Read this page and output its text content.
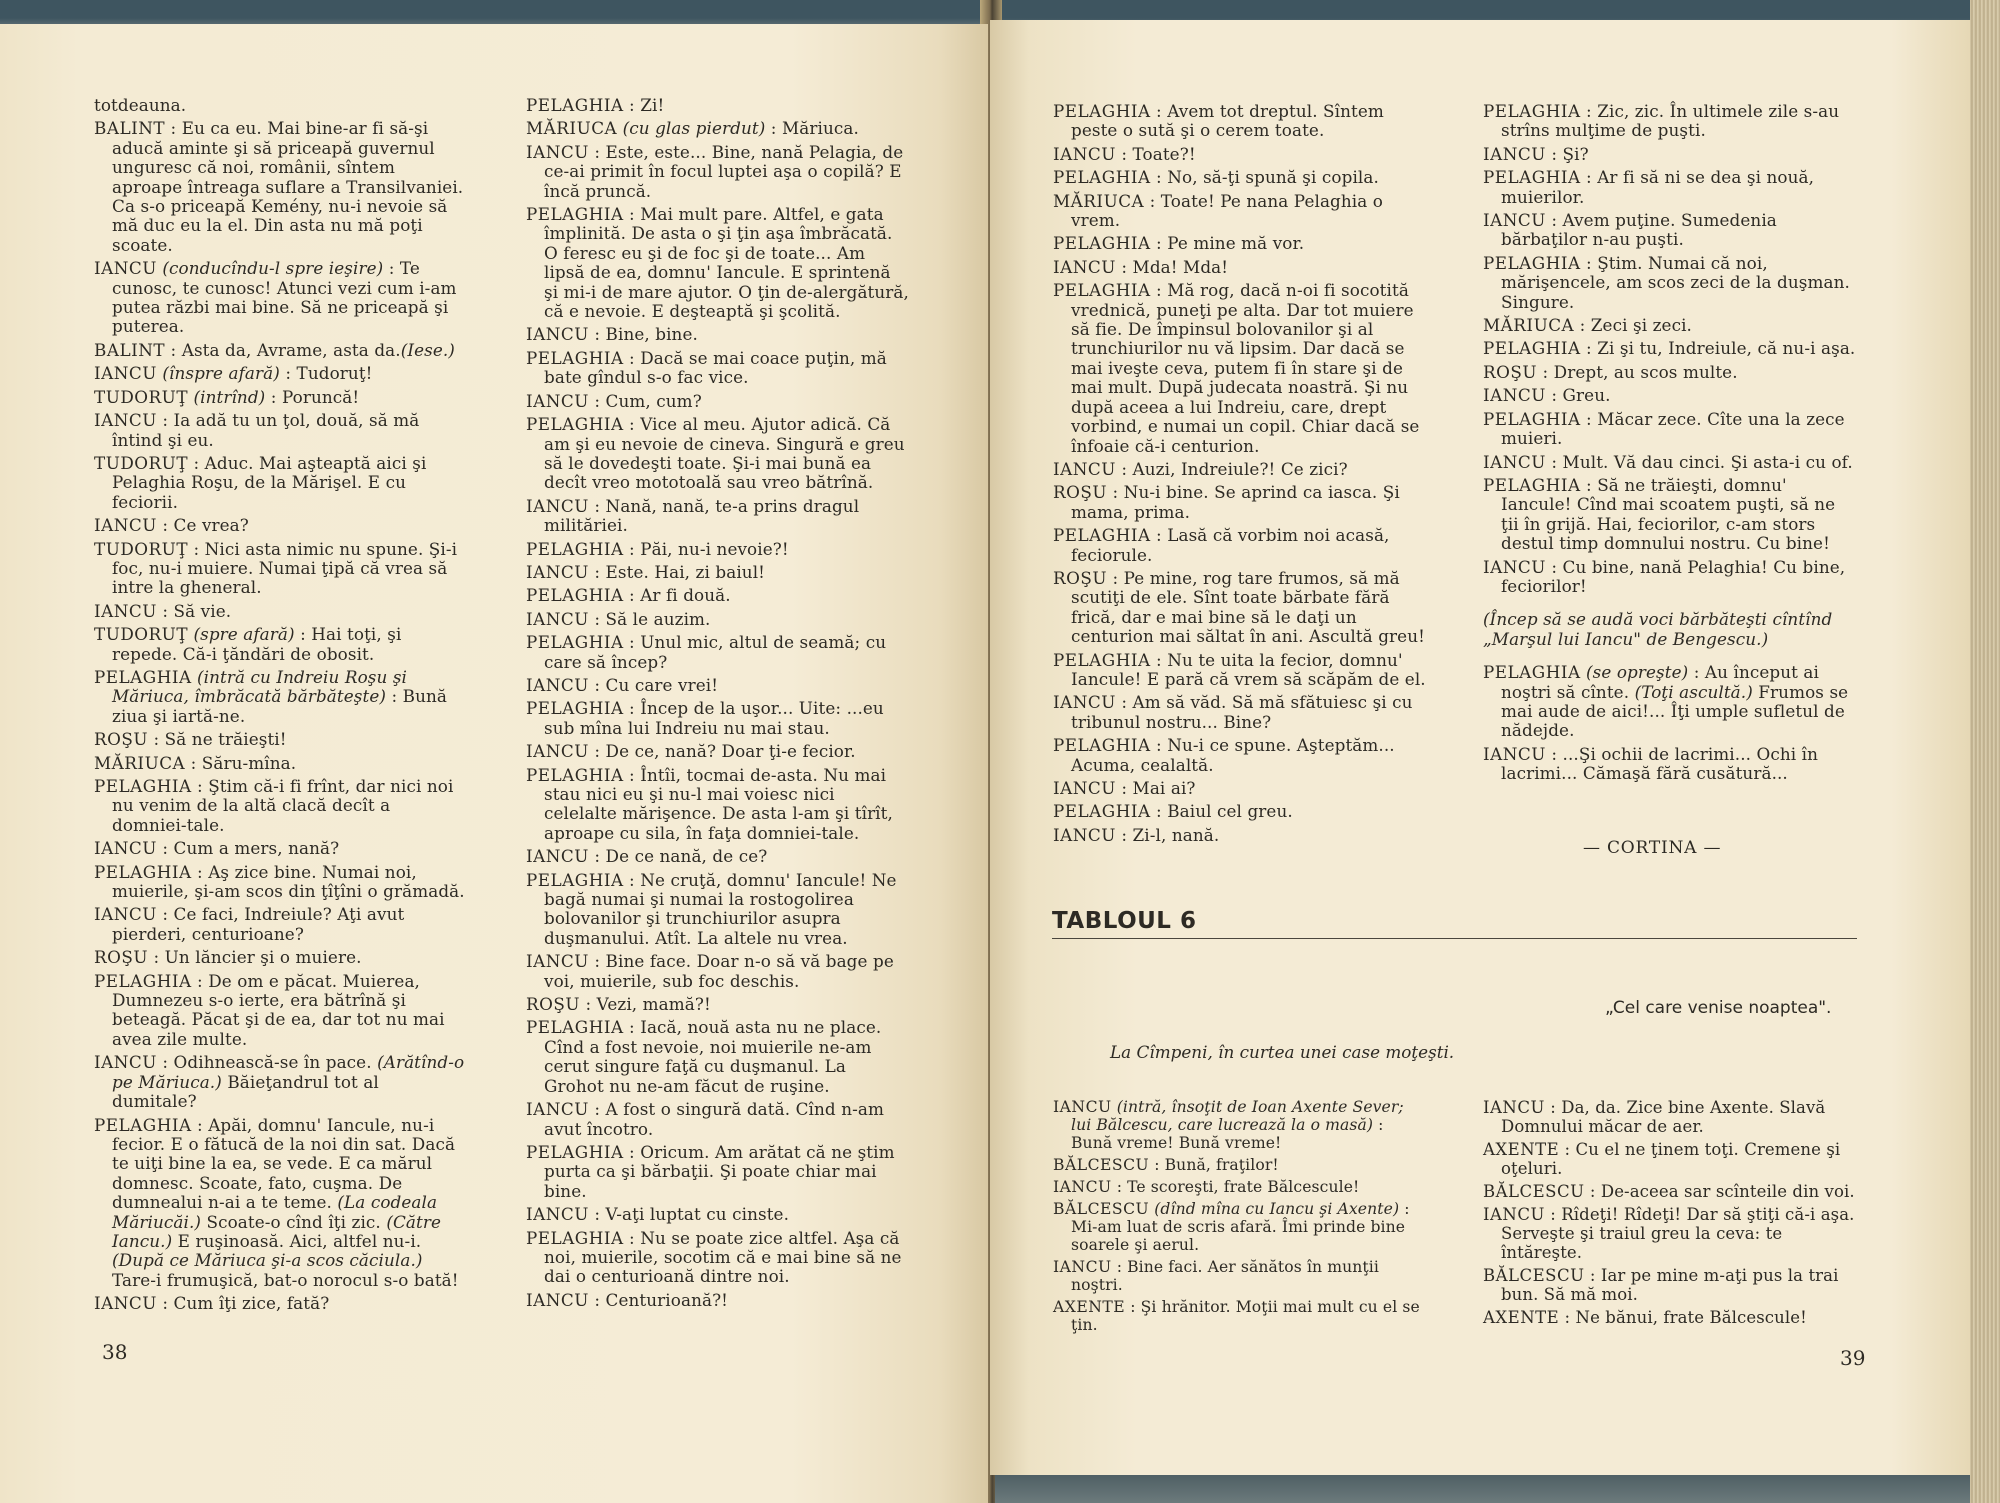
totdeauna.

BALINT : Eu ca eu. Mai bine-ar fi să-şi aducă aminte şi să priceapă guvernul unguresc că noi, românii, sîntem aproape întreaga suflare a Transilvaniei. Ca s-o priceapă Kemény, nu-i nevoie să mă duc eu la el. Din asta nu mă poţi scoate.

IANCU (conducîndu-l spre ieşire) : Te cunosc, te cunosc! Atunci vezi cum i-am putea răzbi mai bine. Să ne priceapă şi puterea.

BALINT : Asta da, Avrame, asta da.(Iese.)

IANCU (înspre afară) : Tudoruţ!

TUDORUŢ (intrînd) : Poruncă!

IANCU : Ia adă tu un ţol, două, să mă întind şi eu.

TUDORUŢ : Aduc. Mai aşteaptă aici şi Pelaghia Roşu, de la Mărişel. E cu feciorii.

IANCU : Ce vrea?

TUDORUŢ : Nici asta nimic nu spune. Şi-i foc, nu-i muiere. Numai ţipă că vrea să intre la gheneral.

IANCU : Să vie.

TUDORUŢ (spre afară) : Hai toţi, şi repede. Că-i ţăndări de obosit.

PELAGHIA (intră cu Indreiu Roşu şi Măriuca, îmbrăcată bărbăteşte) : Bună ziua şi iartă-ne.

ROŞU : Să ne trăieşti!

MĂRIUCA : Săru-mîna.

PELAGHIA : Ştim că-i fi frînt, dar nici noi nu venim de la altă clacă decît a domniei-tale.

IANCU : Cum a mers, nană?

PELAGHIA : Aş zice bine. Numai noi, muierile, şi-am scos din ţîţîni o grămadă.

IANCU : Ce faci, Indreiule? Aţi avut pierderi, centurioane?

ROŞU : Un lăncier şi o muiere.

PELAGHIA : De om e păcat. Muierea, Dumnezeu s-o ierte, era bătrînă şi beteagă. Păcat şi de ea, dar tot nu mai avea zile multe.

IANCU : Odihnească-se în pace. (Arătînd-o pe Măriuca.) Băieţandrul tot al dumitale?

PELAGHIA : Apăi, domnu' Iancule, nu-i fecior. E o fătucă de la noi din sat. Dacă te uiţi bine la ea, se vede. E ca mărul domnesc. Scoate, fato, cuşma. De dumnealui n-ai a te teme. (La codeala Măriucăi.) Scoate-o cînd îţi zic. (Către Iancu.) E ruşinoasă. Aici, altfel nu-i. (După ce Măriuca şi-a scos căciula.) Tare-i frumuşică, bat-o norocul s-o bată!

IANCU : Cum îţi zice, fată?

PELAGHIA : Zi!

MĂRIUCA (cu glas pierdut) : Măriuca.

IANCU : Este, este... Bine, nană Pelagia, de ce-ai primit în focul luptei aşa o copilă? E încă pruncă.

PELAGHIA : Mai mult pare. Altfel, e gata împlinită. De asta o şi ţin aşa îmbrăcată. O feresc eu şi de foc şi de toate... Am lipsă de ea, domnu' Iancule. E sprintenă şi mi-i de mare ajutor. O ţin de-alergătură, că e nevoie. E deşteaptă şi şcolită.

IANCU : Bine, bine.

PELAGHIA : Dacă se mai coace puţin, mă bate gîndul s-o fac vice.

IANCU : Cum, cum?

PELAGHIA : Vice al meu. Ajutor adică. Că am şi eu nevoie de cineva. Singură e greu să le dovedeşti toate. Şi-i mai bună ea decît vreo mototoală sau vreo bătrînă.

IANCU : Nană, nană, te-a prins dragul milităriei.

PELAGHIA : Păi, nu-i nevoie?!

IANCU : Este. Hai, zi baiul!

PELAGHIA : Ar fi două.

IANCU : Să le auzim.

PELAGHIA : Unul mic, altul de seamă; cu care să încep?

IANCU : Cu care vrei!

PELAGHIA : Încep de la uşor... Uite: ...eu sub mîna lui Indreiu nu mai stau.

IANCU : De ce, nană? Doar ţi-e fecior.

PELAGHIA : Întîi, tocmai de-asta. Nu mai stau nici eu şi nu-l mai voiesc nici celelalte mărişence. De asta l-am şi tîrît, aproape cu sila, în faţa domniei-tale.

IANCU : De ce nană, de ce?

PELAGHIA : Ne cruţă, domnu' Iancule! Ne bagă numai şi numai la rostogolirea bolovanilor şi trunchiurilor asupra duşmanului. Atît. La altele nu vrea.

IANCU : Bine face. Doar n-o să vă bage pe voi, muierile, sub foc deschis.

ROŞU : Vezi, mamă?!

PELAGHIA : Iacă, nouă asta nu ne place. Cînd a fost nevoie, noi muierile ne-am cerut singure faţă cu duşmanul. La Grohot nu ne-am făcut de ruşine.

IANCU : A fost o singură dată. Cînd n-am avut încotro.

PELAGHIA : Oricum. Am arătat că ne ştim purta ca şi bărbaţii. Şi poate chiar mai bine.

IANCU : V-aţi luptat cu cinste.

PELAGHIA : Nu se poate zice altfel. Aşa că noi, muierile, socotim că e mai bine să ne dai o centurioană dintre noi.

IANCU : Centurioană?!

38

PELAGHIA : Avem tot dreptul. Sîntem peste o sută şi o cerem toate.

IANCU : Toate?!

PELAGHIA : No, să-ţi spună şi copila.

MĂRIUCA : Toate! Pe nana Pelaghia o vrem.

PELAGHIA : Pe mine mă vor.

IANCU : Mda! Mda!

PELAGHIA : Mă rog, dacă n-oi fi socotită vrednică, puneţi pe alta. Dar tot muiere să fie. De împinsul bolovanilor şi al trunchiurilor nu vă lipsim. Dar dacă se mai iveşte ceva, putem fi în stare şi de mai mult. După judecata noastră. Şi nu după aceea a lui Indreiu, care, drept vorbind, e numai un copil. Chiar dacă se înfoaie că-i centurion.

IANCU : Auzi, Indreiule?! Ce zici?

ROŞU : Nu-i bine. Se aprind ca iasca. Şi mama, prima.

PELAGHIA : Lasă că vorbim noi acasă, feciorule.

ROŞU : Pe mine, rog tare frumos, să mă scutiţi de ele. Sînt toate bărbate fără frică, dar e mai bine să le daţi un centurion mai săltat în ani. Ascultă greu!

PELAGHIA : Nu te uita la fecior, domnu' Iancule! E pară că vrem să scăpăm de el.

IANCU : Am să văd. Să mă sfătuiesc şi cu tribunul nostru... Bine?

PELAGHIA : Nu-i ce spune. Aşteptăm... Acuma, cealaltă.

IANCU : Mai ai?

PELAGHIA : Baiul cel greu.

IANCU : Zi-l, nană.

PELAGHIA : Zic, zic. În ultimele zile s-au strîns mulţime de puşti.

IANCU : Şi?

PELAGHIA : Ar fi să ni se dea şi nouă, muierilor.

IANCU : Avem puţine. Sumedenia bărbaţilor n-au puşti.

PELAGHIA : Ştim. Numai că noi, mărişencele, am scos zeci de la duşman. Singure.

MĂRIUCA : Zeci şi zeci.

PELAGHIA : Zi şi tu, Indreiule, că nu-i aşa.

ROŞU : Drept, au scos multe.

IANCU : Greu.

PELAGHIA : Măcar zece. Cîte una la zece muieri.

IANCU : Mult. Vă dau cinci. Şi asta-i cu of.

PELAGHIA : Să ne trăieşti, domnu' Iancule! Cînd mai scoatem puşti, să ne ţii în grijă. Hai, feciorilor, c-am stors destul timp domnului nostru. Cu bine!

IANCU : Cu bine, nană Pelaghia! Cu bine, feciorilor!

(Încep să se audă voci bărbăteşti cîntînd „Marşul lui Iancu" de Bengescu.)

PELAGHIA (se opreşte) : Au început ai noştri să cînte. (Toţi ascultă.) Frumos se mai aude de aici!... Îţi umple sufletul de nădejde.

IANCU : ...Şi ochii de lacrimi... Ochi în lacrimi... Cămaşă fără cusătură...

— CORTINA —
TABLOUL 6
„Cel care venise noaptea".
La Cîmpeni, în curtea unei case moţeşti.

IANCU (intră, însoţit de Ioan Axente Sever; lui Bălcescu, care lucrează la o masă) : Bună vreme! Bună vreme!

BĂLCESCU : Bună, fraţilor!

IANCU : Te scoreşti, frate Bălcescule!

BĂLCESCU (dînd mîna cu Iancu şi Axente) : Mi-am luat de scris afară. Îmi prinde bine soarele şi aerul.

IANCU : Bine faci. Aer sănătos în munţii noştri.

AXENTE : Şi hrănitor. Moţii mai mult cu el se ţin.

IANCU : Da, da. Zice bine Axente. Slavă Domnului măcar de aer.

AXENTE : Cu el ne ţinem toţi. Cremene şi oţeluri.

BĂLCESCU : De-aceea sar scînteile din voi.

IANCU : Rîdeţi! Rîdeţi! Dar să ştiţi că-i aşa. Serveşte şi traiul greu la ceva: te întăreşte.

BĂLCESCU : Iar pe mine m-aţi pus la trai bun. Să mă moi.

AXENTE : Ne bănui, frate Bălcescule!

39
